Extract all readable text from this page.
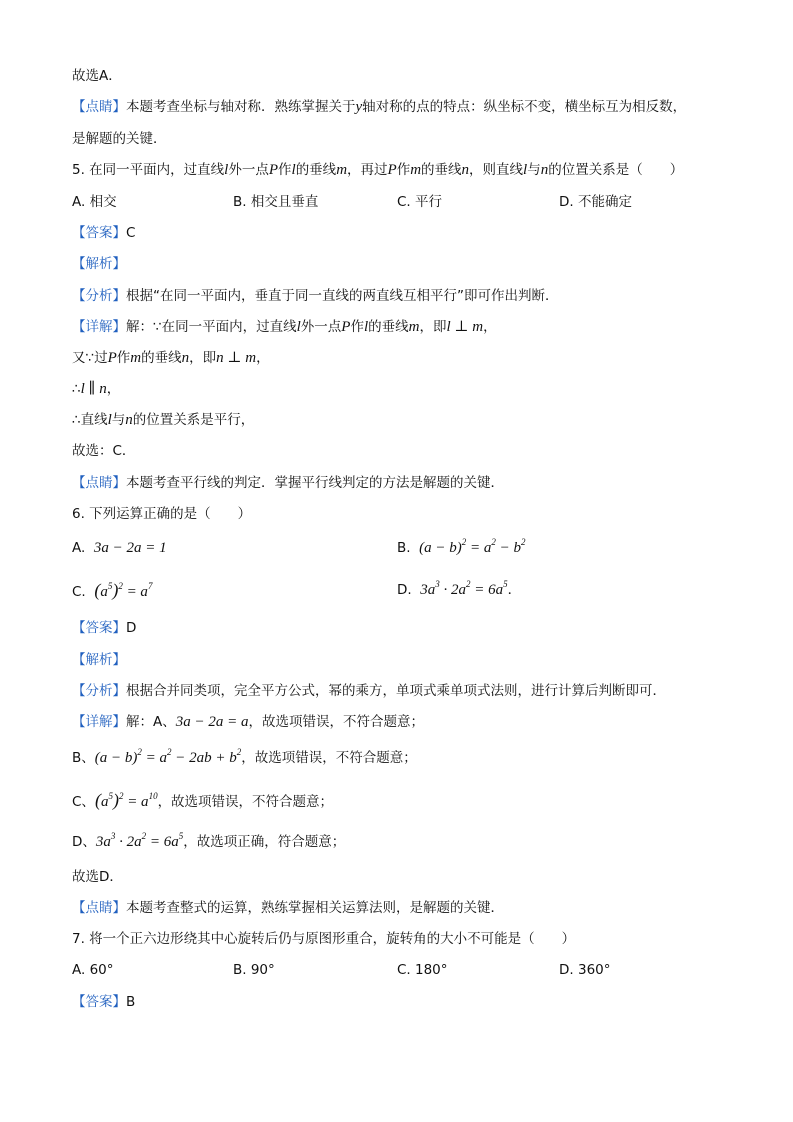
故选A．
【点睛】本题考查坐标与轴对称．熟练掌握关于y轴对称的点的特点：纵坐标不变，横坐标互为相反数，
是解题的关键．
5. 在同一平面内，过直线l外一点P作l的垂线m，再过P作m的垂线n，则直线l与n的位置关系是（　　）
A. 相交	B. 相交且垂直	C. 平行	D. 不能确定
【答案】C
【解析】
【分析】根据“在同一平面内，垂直于同一直线的两直线互相平行”即可作出判断．
【详解】解：∵在同一平面内，过直线l外一点P作l的垂线m，即l ⊥ m，
又∵过P作m的垂线n，即n ⊥ m，
∴l ∥ n，
∴直线l与n的位置关系是平行，
故选：C．
【点睛】本题考查平行线的判定．掌握平行线判定的方法是解题的关键．
6. 下列运算正确的是（　　）
A. 3a − 2a = 1	B. $(a - b)^2 = a^2 - b^2$
C. $(a^5)^2 = a^7$	D. $3a^3 \cdot 2a^2 = 6a^5$．
【答案】D
【解析】
【分析】根据合并同类项，完全平方公式，幂的乘方，单项式乘单项式法则，进行计算后判断即可．
【详解】解：A、3a − 2a = a，故选项错误，不符合题意；
B、$(a - b)^2 = a^2 - 2ab + b^2$，故选项错误，不符合题意；
C、$(a^5)^2 = a^{10}$，故选项错误，不符合题意；
D、$3a^3 \cdot 2a^2 = 6a^5$，故选项正确，符合题意；
故选D．
【点睛】本题考查整式的运算，熟练掌握相关运算法则，是解题的关键．
7. 将一个正六边形绕其中心旋转后仍与原图形重合，旋转角的大小不可能是（　　）
A. 60°	B. 90°	C. 180°	D. 360°
【答案】B
